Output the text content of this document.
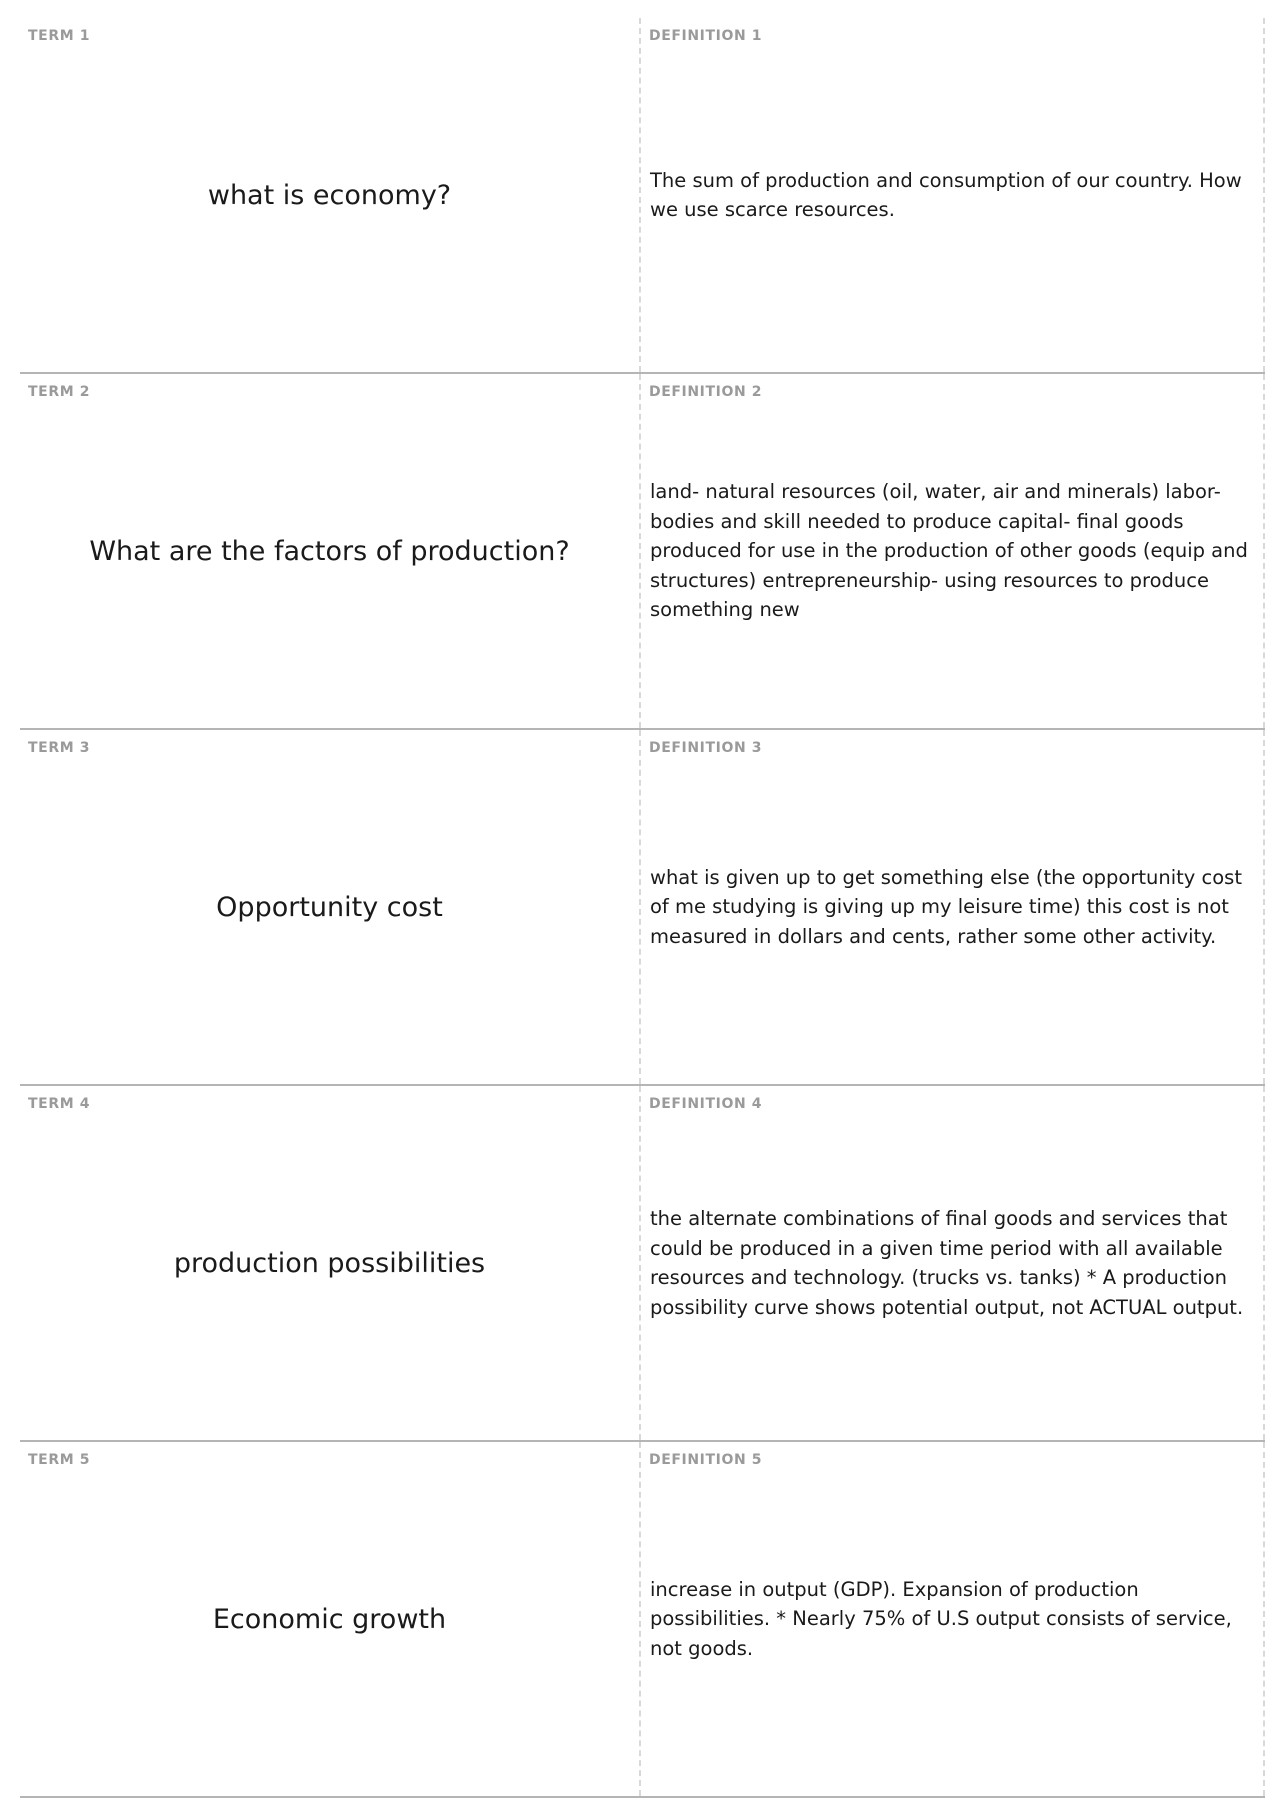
TERM 1
what is economy?
DEFINITION 1
The sum of production and consumption of our country. How we use scarce resources.
TERM 2
What are the factors of production?
DEFINITION 2
land- natural resources (oil, water, air and minerals) labor- bodies and skill needed to produce capital- final goods produced for use in the production of other goods (equip and structures) entrepreneurship- using resources to produce something new
TERM 3
Opportunity cost
DEFINITION 3
what is given up to get something else (the opportunity cost of me studying is giving up my leisure time) this cost is not measured in dollars and cents, rather some other activity.
TERM 4
production possibilities
DEFINITION 4
the alternate combinations of final goods and services that could be produced in a given time period with all available resources and technology. (trucks vs. tanks) * A production possibility curve shows potential output, not ACTUAL output.
TERM 5
Economic growth
DEFINITION 5
increase in output (GDP). Expansion of production possibilities. * Nearly 75% of U.S output consists of service, not goods.
